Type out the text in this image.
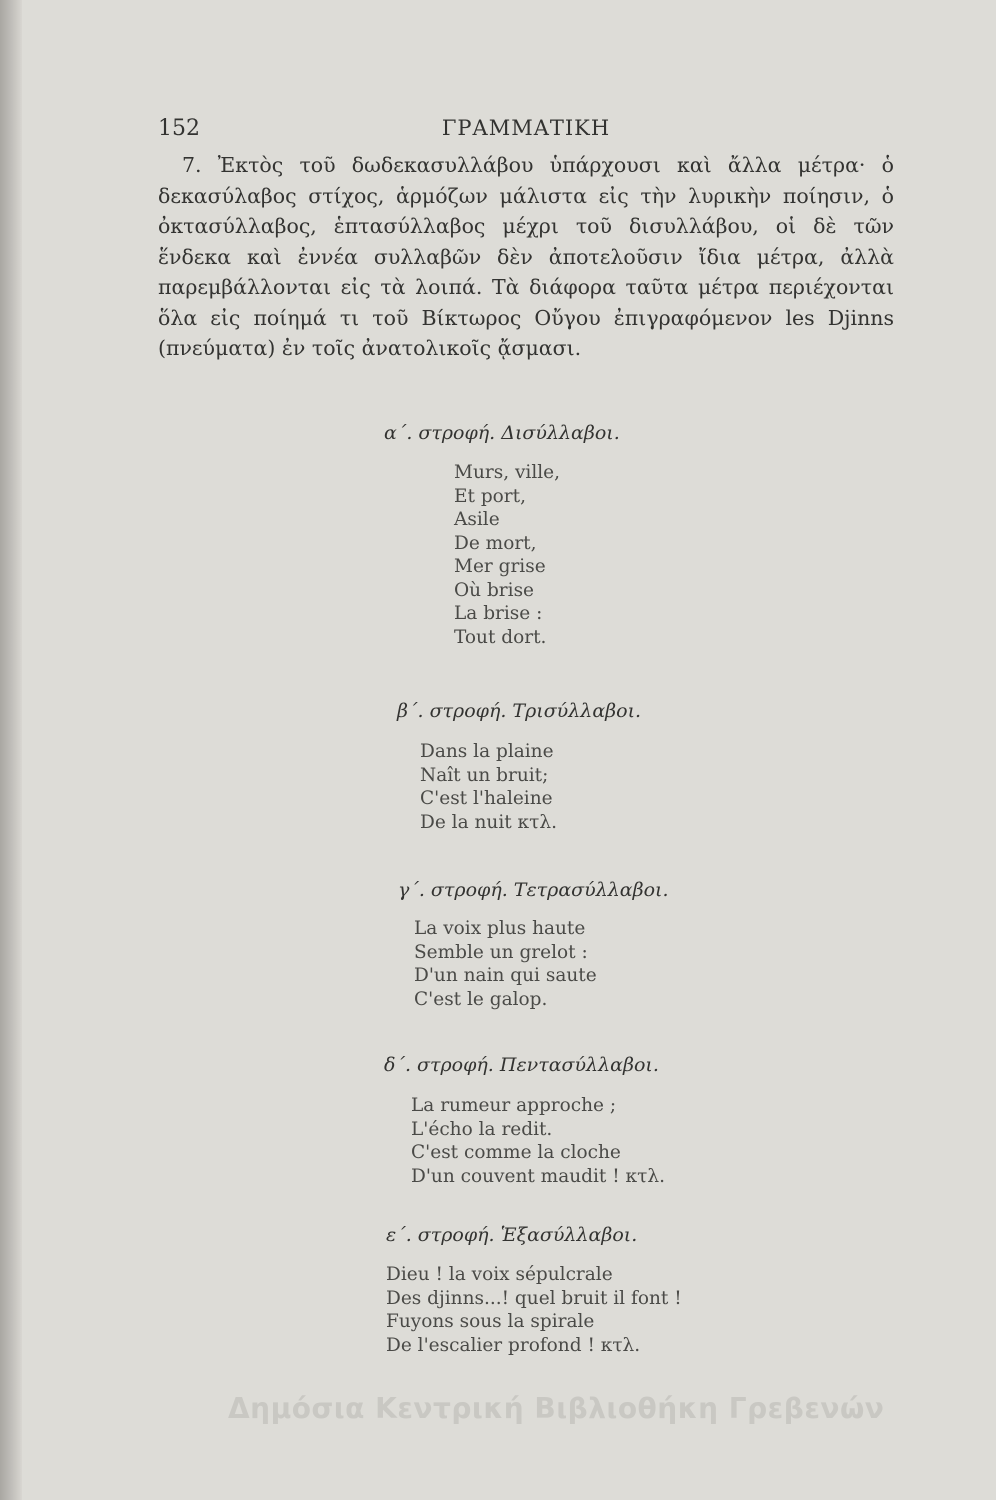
152	ΓΡΑΜΜΑΤΙΚΗ
7. Ἐκτὸς τοῦ δωδεκασυλλάβου ὑπάρχουσι καὶ ἄλλα μέτρα· ὁ δεκασύλαβος στίχος, ἁρμόζων μάλιστα εἰς τὴν λυρικὴν ποίησιν, ὁ ὀκτασύλλαβος, ἑπτασύλλαβος μέχρι τοῦ δισυλλάβου, οἱ δὲ τῶν ἕνδεκα καὶ ἐννέα συλλαβῶν δὲν ἀποτελοῦσιν ἴδια μέτρα, ἀλλὰ παρεμβάλλονται εἰς τὰ λοιπά. Τὰ διάφορα ταῦτα μέτρα περιέχονται ὅλα εἰς ποίημά τι τοῦ Βίκτωρος Οὔγου ἐπιγραφόμενον les Djinns (πνεύματα) ἐν τοῖς ἀνατολικοῖς ᾄσμασι.
α΄. στροφή. Δισύλλαβοι.
Murs, ville,
Et port,
Asile
De mort,
Mer grise
Où brise
La brise :
Tout dort.
β΄. στροφή. Τρισύλλαβοι.
Dans la plaine
Naît un bruit;
C'est l'haleine
De la nuit κτλ.
γ΄. στροφή. Τετρασύλλαβοι.
La voix plus haute
Semble un grelot :
D'un nain qui saute
C'est le galop.
δ΄. στροφή. Πεντασύλλαβοι.
La rumeur approche ;
L'écho la redit.
C'est comme la cloche
D'un couvent maudit ! κτλ.
ε΄. στροφή. Ἑξασύλλαβοι.
Dieu ! la voix sépulcrale
Des djinns...! quel bruit il font !
Fuyons sous la spirale
De l'escalier profond ! κτλ.
Δημόσια Κεντρική Βιβλιοθήκη Γρεβενών
